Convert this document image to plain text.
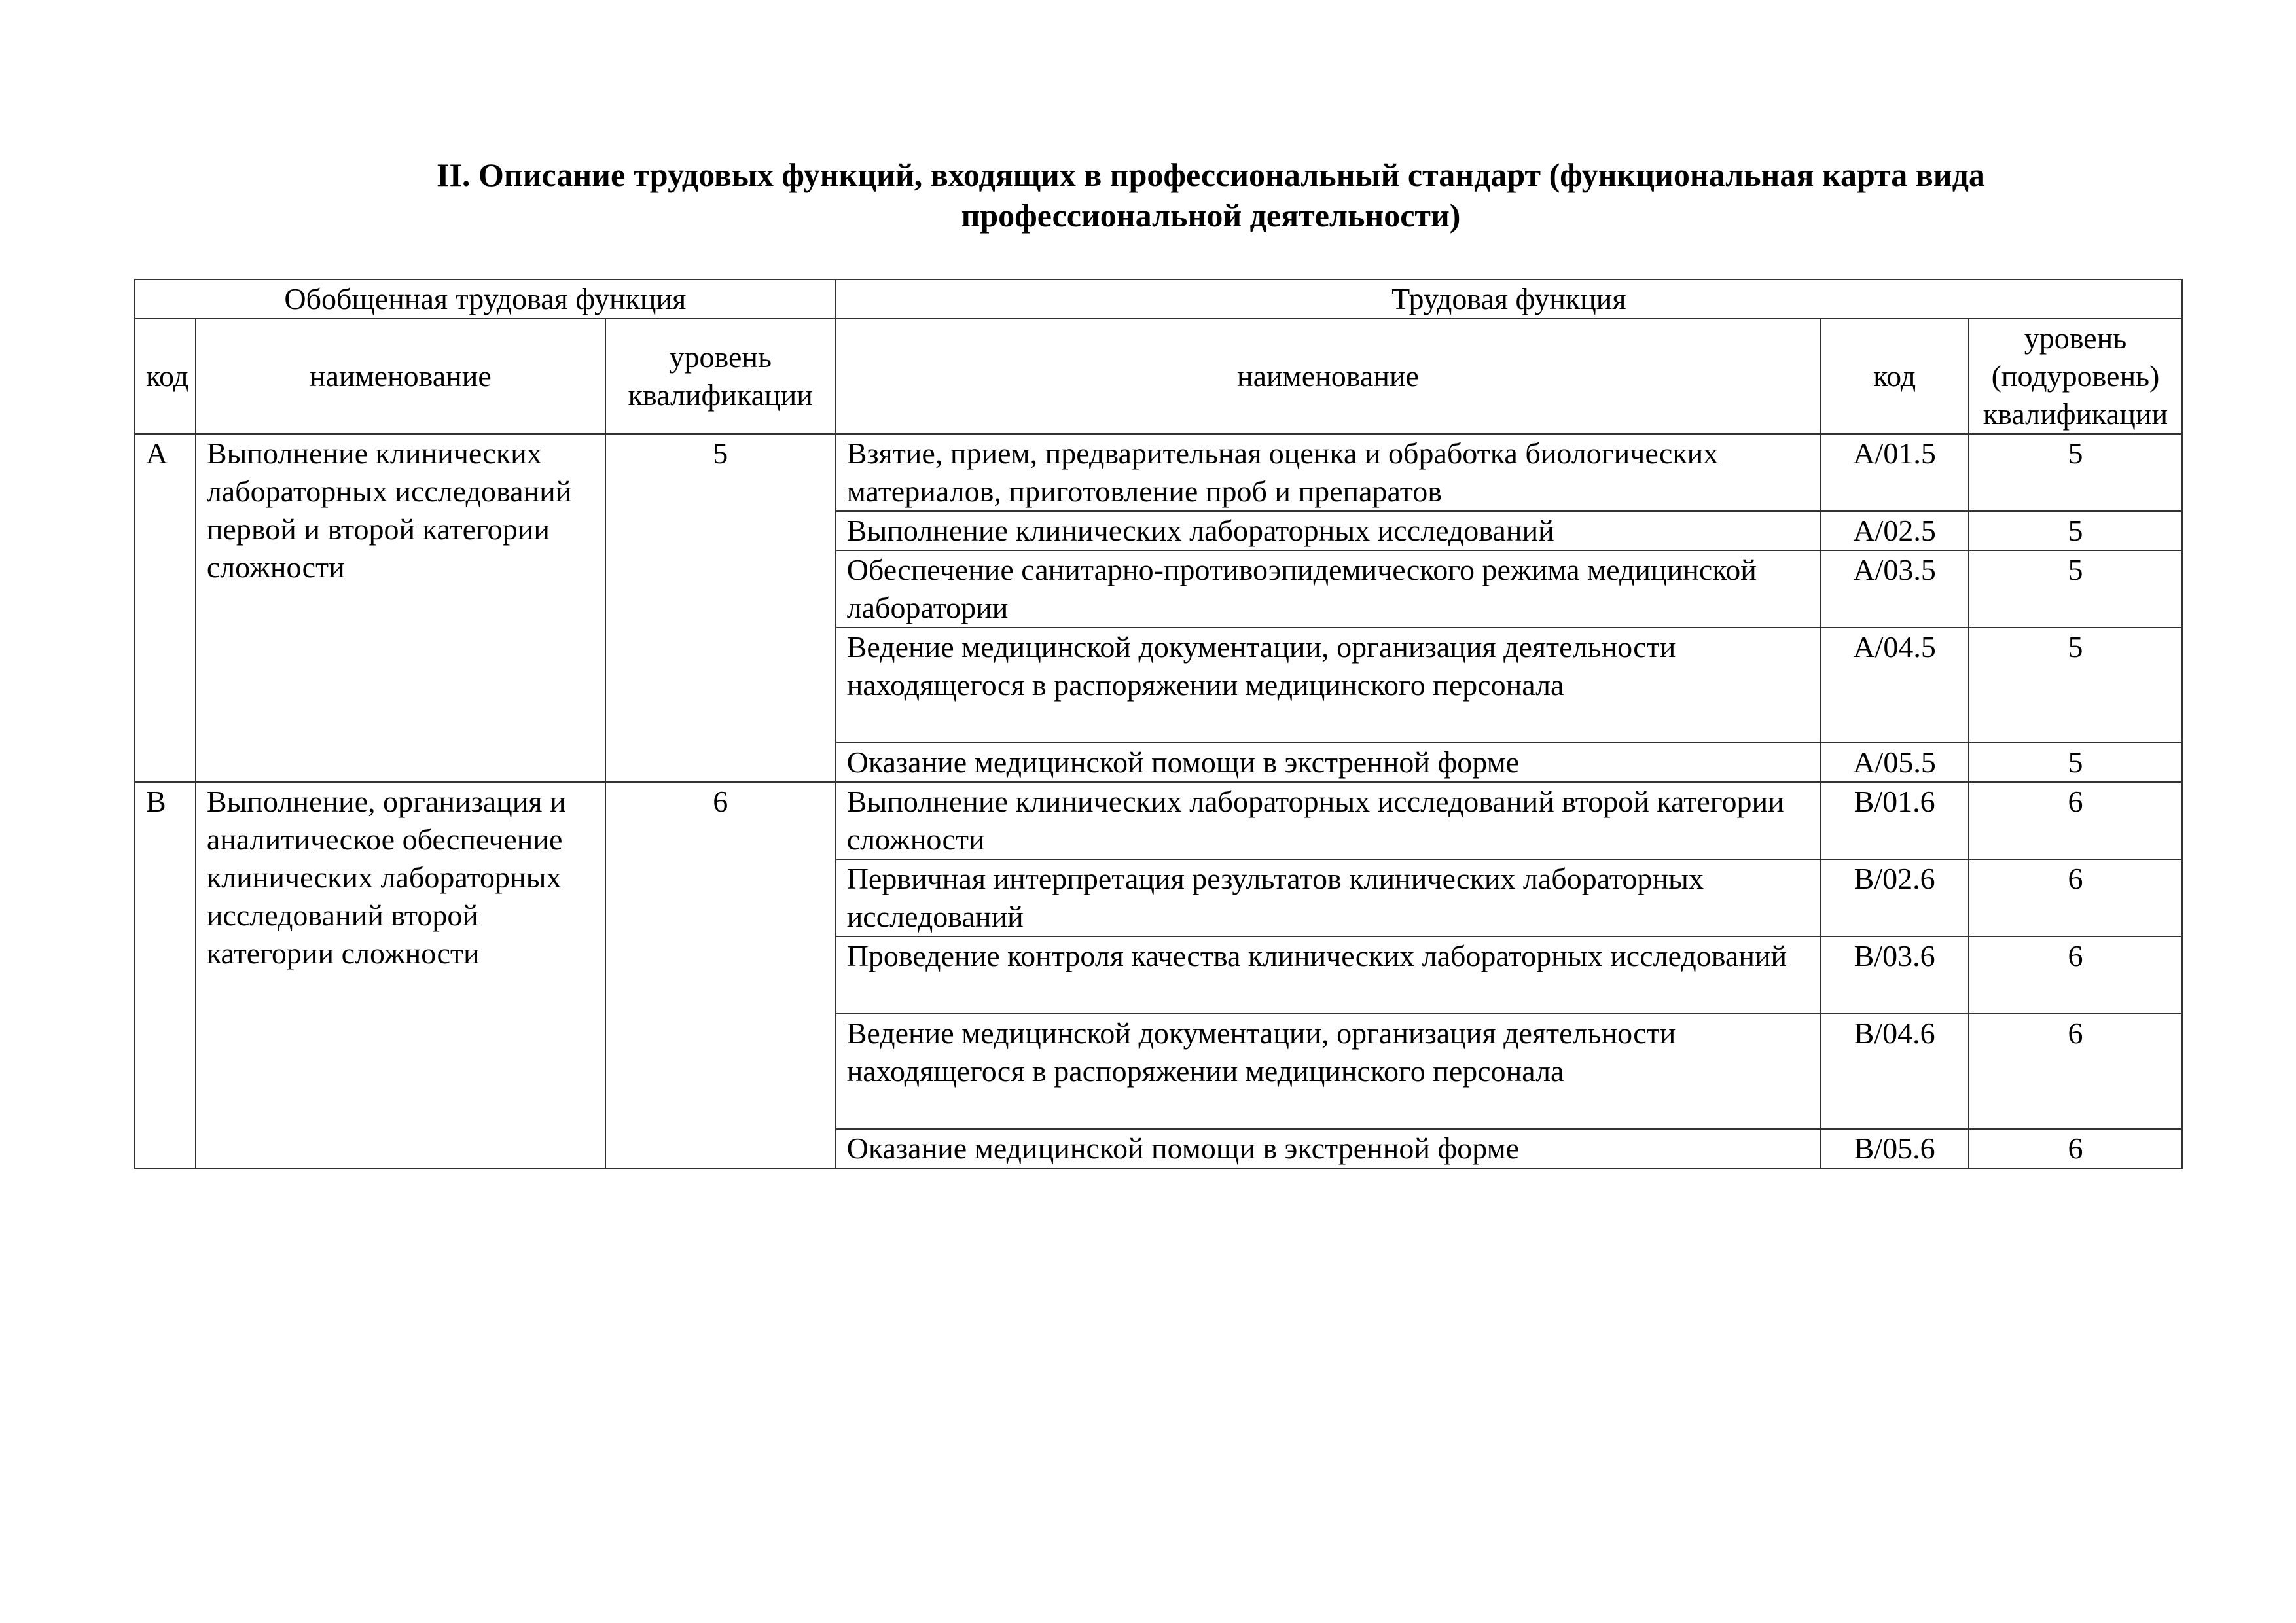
II. Описание трудовых функций, входящих в профессиональный стандарт (функциональная карта вида
профессиональной деятельности)
Обобщенная трудовая функция			Трудовая функция		
код	наименование	уровень квалификации	наименование	код	уровень (подуровень) квалификации
А	Выполнение клинических лабораторных исследований первой и второй категории сложности	5	Взятие, прием, предварительная оценка и обработка биологических материалов, приготовление проб и препаратов	A/01.5	5
			Выполнение клинических лабораторных исследований	A/02.5	5
			Обеспечение санитарно-противоэпидемического режима медицинской лаборатории	A/03.5	5
			Ведение медицинской документации, организация деятельности находящегося в распоряжении медицинского персонала	A/04.5	5
			Оказание медицинской помощи в экстренной форме	A/05.5	5
В	Выполнение, организация и аналитическое обеспечение клинических лабораторных исследований второй категории сложности	6	Выполнение клинических лабораторных исследований второй категории сложности	B/01.6	6
			Первичная интерпретация результатов клинических лабораторных исследований	B/02.6	6
			Проведение контроля качества клинических лабораторных исследований	B/03.6	6
			Ведение медицинской документации, организация деятельности находящегося в распоряжении медицинского персонала	B/04.6	6
			Оказание медицинской помощи в экстренной форме	B/05.6	6
